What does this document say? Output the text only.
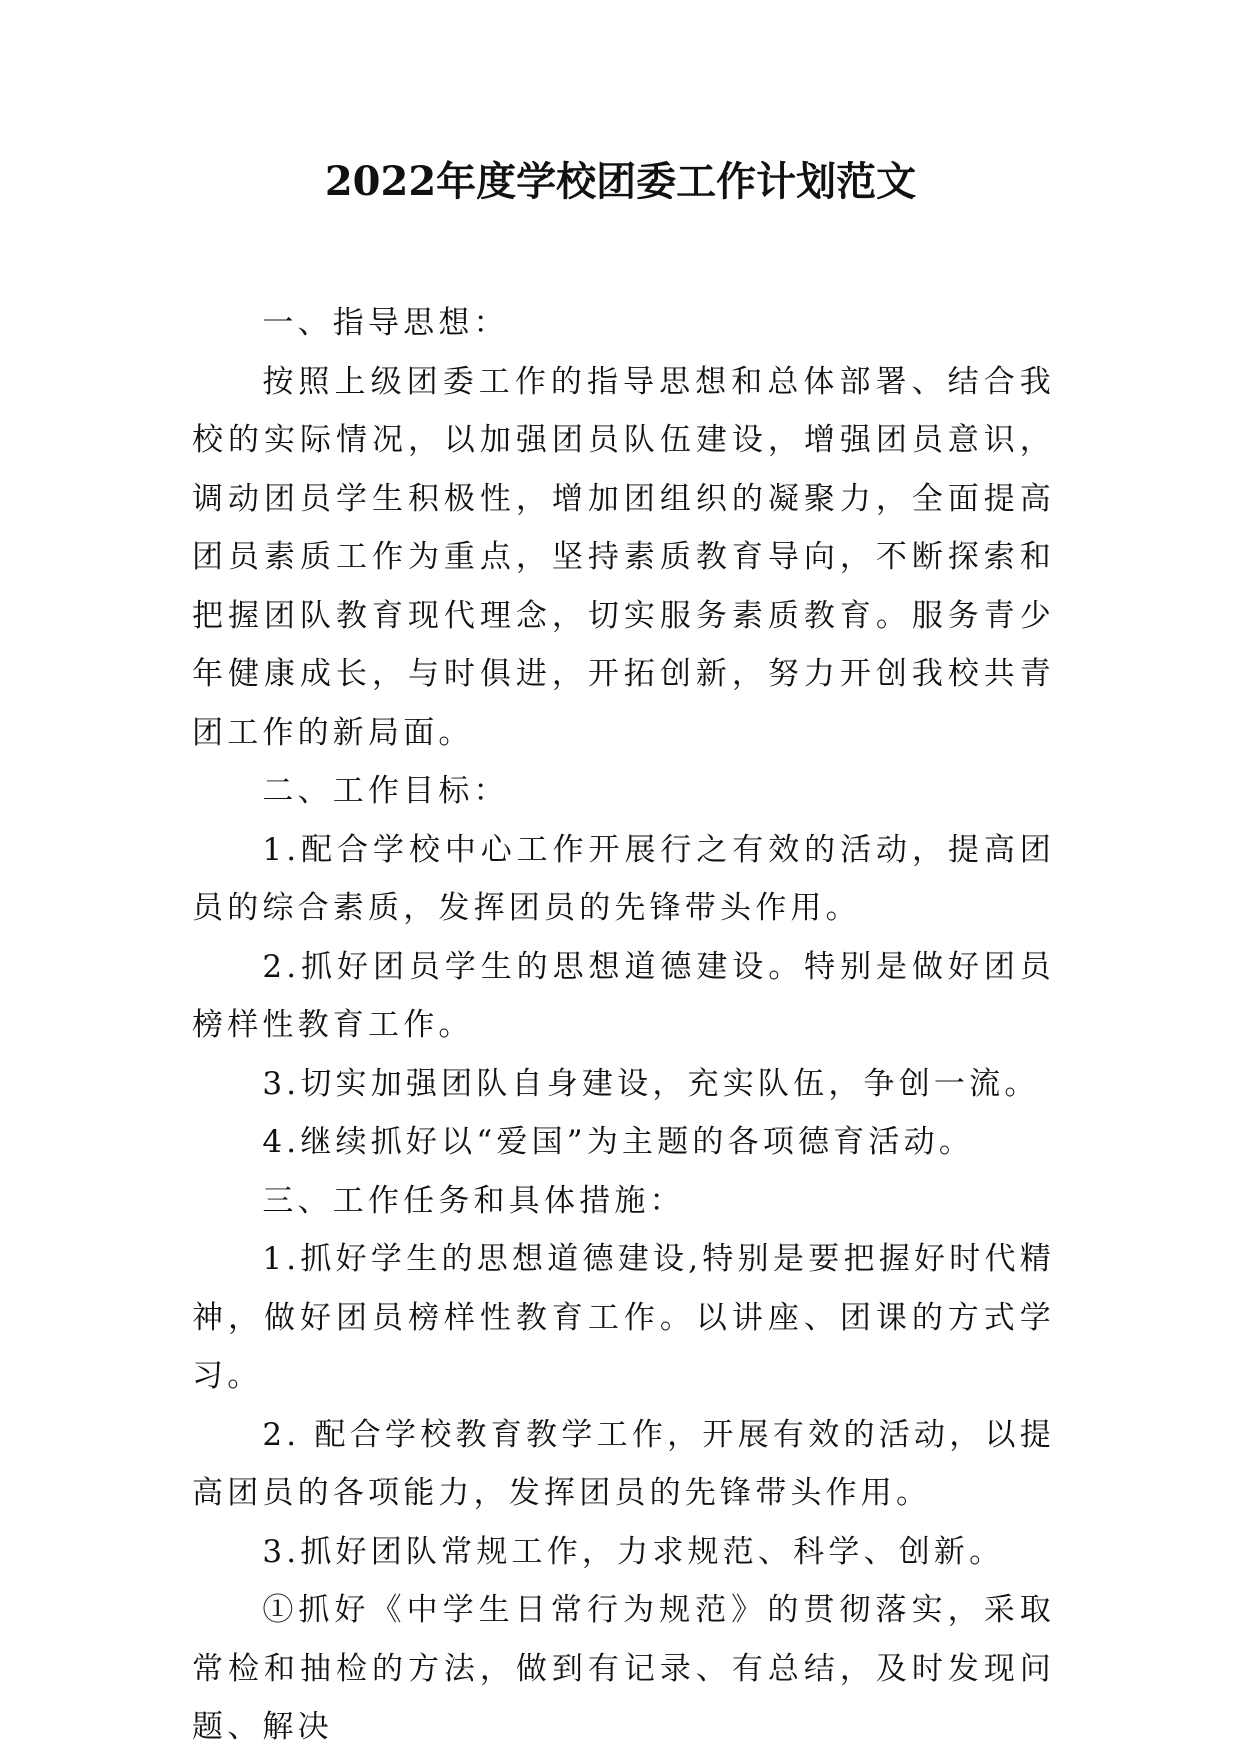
2022年度学校团委工作计划范文

一、指导思想：

按照上级团委工作的指导思想和总体部署、结合我校的实际情况，以加强团员队伍建设，增强团员意识，调动团员学生积极性，增加团组织的凝聚力，全面提高团员素质工作为重点，坚持素质教育导向，不断探索和把握团队教育现代理念，切实服务素质教育。服务青少年健康成长，与时俱进，开拓创新，努力开创我校共青团工作的新局面。

二、工作目标：

1.配合学校中心工作开展行之有效的活动，提高团员的综合素质，发挥团员的先锋带头作用。

2.抓好团员学生的思想道德建设。特别是做好团员榜样性教育工作。

3.切实加强团队自身建设，充实队伍，争创一流。

4.继续抓好以“爱国”为主题的各项德育活动。

三、工作任务和具体措施：

1.抓好学生的思想道德建设,特别是要把握好时代精神，做好团员榜样性教育工作。以讲座、团课的方式学习。

2. 配合学校教育教学工作，开展有效的活动，以提高团员的各项能力，发挥团员的先锋带头作用。

3.抓好团队常规工作，力求规范、科学、创新。

①抓好《中学生日常行为规范》的贯彻落实，采取常检和抽检的方法，做到有记录、有总结，及时发现问题、解决
